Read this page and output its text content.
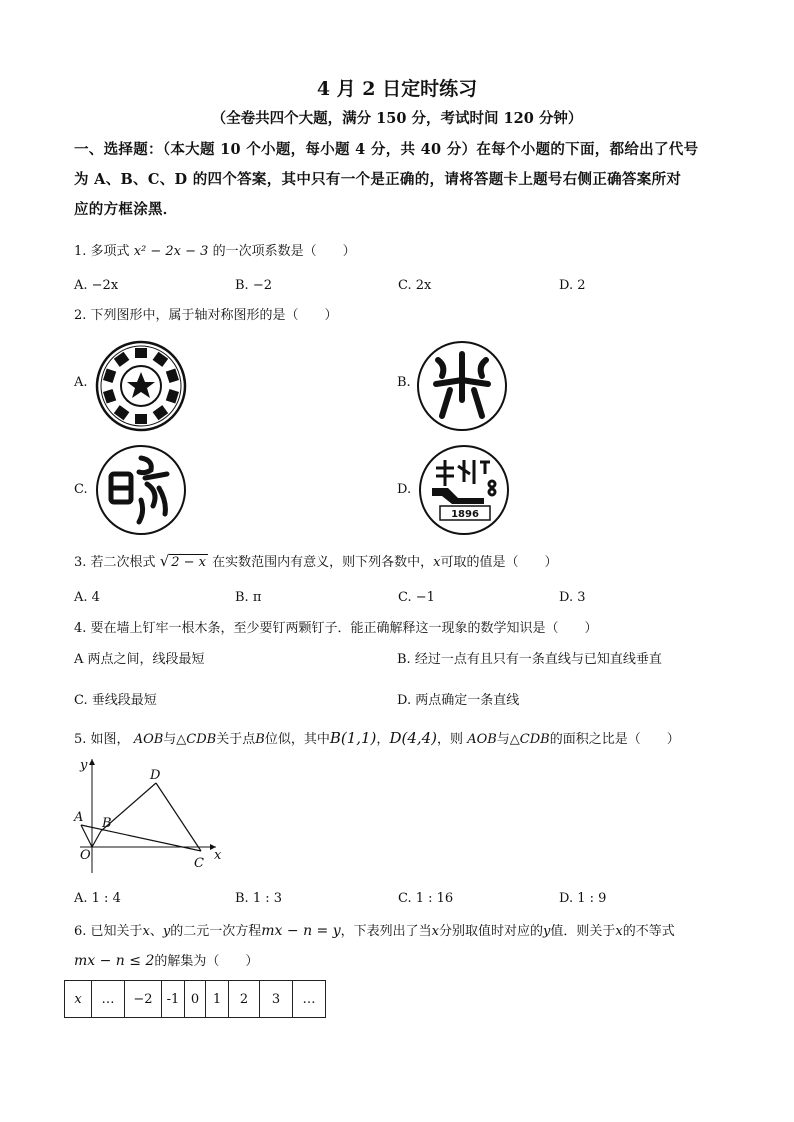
4 月 2 日定时练习
（全卷共四个大题，满分 150 分，考试时间 120 分钟）
一、选择题：（本大题 10 个小题，每小题 4 分，共 40 分）在每个小题的下面，都给出了代号
为 A、B、C、D 的四个答案，其中只有一个是正确的，请将答题卡上题号右侧正确答案所对
应的方框涂黑．
1. 多项式 x² − 2x − 3 的一次项系数是（　　）
A. −2x	B. −2	C. 2x	D. 2
2. 下列图形中，属于轴对称图形的是（　　）
A.	B.
C.	D.
1896
3. 若二次根式 √ 2 − x 在实数范围内有意义，则下列各数中，x可取的值是（　　）
A. 4	B. π	C. −1	D. 3
4. 要在墙上钉牢一根木条，至少要钉两颗钉子．能正确解释这一现象的数学知识是（　　）
A 两点之间，线段最短	B. 经过一点有且只有一条直线与已知直线垂直
C. 垂线段最短	D. 两点确定一条直线
5. 如图， AOB与△CDB关于点B位似，其中B(1,1)，D(4,4)，则 AOB与△CDB的面积之比是（　　）
y
x
D
A B
O
C
A. 1 : 4	B. 1 : 3	C. 1 : 16	D. 1 : 9
6. 已知关于x、y的二元一次方程mx − n = y，下表列出了当x分别取值时对应的y值．则关于x的不等式
mx − n ≤ 2的解集为（　　）
x	…	−2	-1	0	1	2	3	…
